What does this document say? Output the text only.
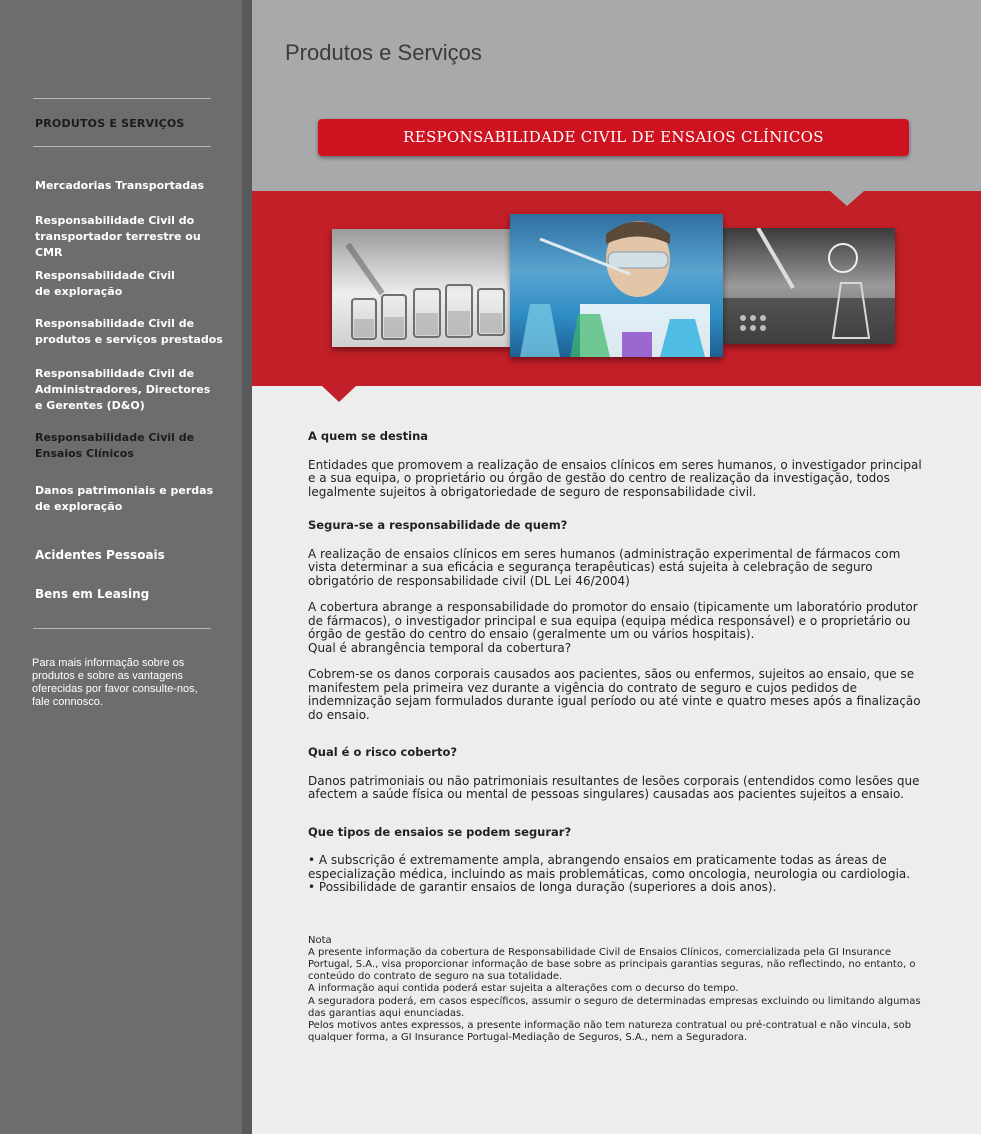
PRODUTOS E SERVIÇOS
Mercadorias Transportadas
Responsabilidade Civil do
transportador terrestre ou CMR
Responsabilidade Civil
de exploração
Responsabilidade Civil de
produtos e serviços prestados
Responsabilidade Civil de
Administradores, Directores
e Gerentes (D&O)
Responsabilidade Civil de
Ensaios Clínicos
Danos patrimoniais e perdas
de exploração
Acidentes Pessoais
Bens em Leasing
Para mais informação sobre os produtos e sobre as vantagens oferecidas por favor consulte-nos, fale connosco.
Produtos e Serviços
RESPONSABILIDADE CIVIL DE ENSAIOS CLÍNICOS

A quem se destina

Entidades que promovem a realização de ensaios clínicos em seres humanos, o investigador principal e a sua equipa, o proprietário ou órgão de gestão do centro de realização da investigação, todos legalmente sujeitos à obrigatoriedade de seguro de responsabilidade civil.

Segura-se a responsabilidade de quem?

A realização de ensaios clínicos em seres humanos (administração experimental de fármacos com vista determinar a sua eficácia e segurança terapêuticas) está sujeita à celebração de seguro obrigatório de responsabilidade civil (DL Lei 46/2004)

A cobertura abrange a responsabilidade do promotor do ensaio (tipicamente um laboratório produtor de fármacos), o investigador principal e sua equipa (equipa médica responsável) e o proprietário ou órgão de gestão do centro do ensaio (geralmente um ou vários hospitais).

Qual é abrangência temporal da cobertura?

Cobrem-se os danos corporais causados aos pacientes, sãos ou enfermos, sujeitos ao ensaio, que se manifestem pela primeira vez durante a vigência do contrato de seguro e cujos pedidos de indemnização sejam formulados durante igual período ou até vinte e quatro meses após a finalização do ensaio.

Qual é o risco coberto?

Danos patrimoniais ou não patrimoniais resultantes de lesões corporais (entendidos como lesões que afectem a saúde física ou mental de pessoas singulares) causadas aos pacientes sujeitos a ensaio.

Que tipos de ensaios se podem segurar?

• A subscrição é extremamente ampla, abrangendo ensaios em praticamente todas as áreas de especialização médica, incluindo as mais problemáticas, como oncologia, neurologia ou cardiologia.

• Possibilidade de garantir ensaios de longa duração (superiores a dois anos).

Nota

A presente informação da cobertura de Responsabilidade Civil de Ensaios Clínicos, comercializada pela GI Insurance Portugal, S.A., visa proporcionar informação de base sobre as principais garantias seguras, não reflectindo, no entanto, o conteúdo do contrato de seguro na sua totalidade.

A informação aqui contida poderá estar sujeita a alterações com o decurso do tempo.

A seguradora poderá, em casos específicos, assumir o seguro de determinadas empresas excluindo ou limitando algumas das garantias aqui enunciadas.

Pelos motivos antes expressos, a presente informação não tem natureza contratual ou pré-contratual e não vincula, sob qualquer forma, a GI Insurance Portugal-Mediação de Seguros, S.A., nem a Seguradora.
